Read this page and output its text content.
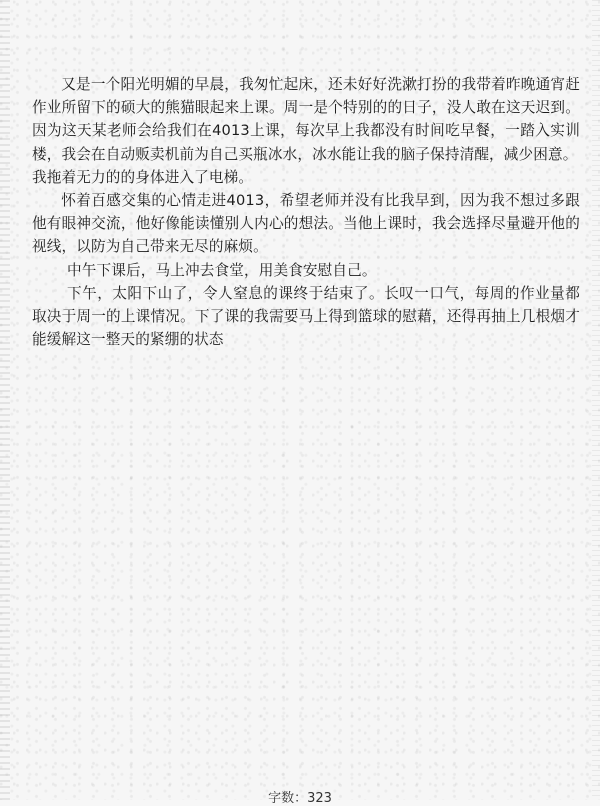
又是一个阳光明媚的早晨，我匆忙起床，还未好好洗漱打扮的我带着昨晚通宵赶作业所留下的硕大的熊猫眼起来上课。周一是个特别的的日子，没人敢在这天迟到。因为这天某老师会给我们在4013上课，每次早上我都没有时间吃早餐，一踏入实训楼，我会在自动贩卖机前为自己买瓶冰水，冰水能让我的脑子保持清醒，减少困意。

我拖着无力的的身体进入了电梯。

怀着百感交集的心情走进4013，希望老师并没有比我早到，因为我不想过多跟他有眼神交流，他好像能读懂别人内心的想法。当他上课时，我会选择尽量避开他的视线，以防为自己带来无尽的麻烦。

中午下课后，马上冲去食堂，用美食安慰自己。

下午，太阳下山了，令人窒息的课终于结束了。长叹一口气，每周的作业量都取决于周一的上课情况。下了课的我需要马上得到篮球的慰藉，还得再抽上几根烟才能缓解这一整天的紧绷的状态

字数：323
